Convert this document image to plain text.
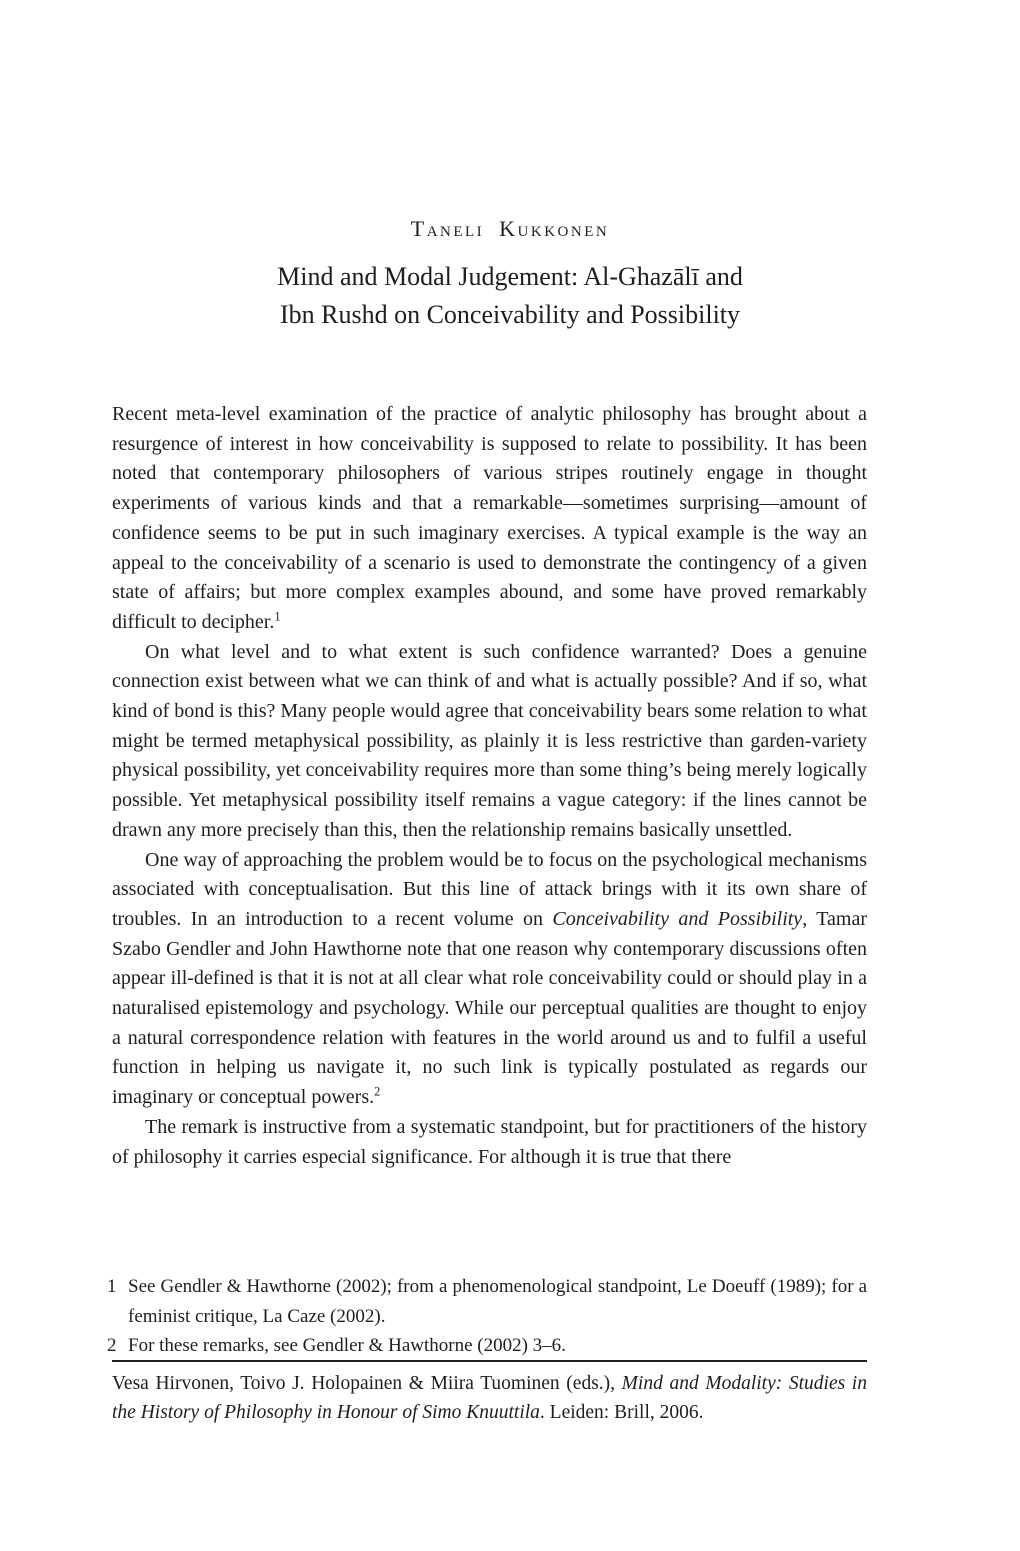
Taneli Kukkonen
Mind and Modal Judgement: Al-Ghazālī and
Ibn Rushd on Conceivability and Possibility

Recent meta-level examination of the practice of analytic philosophy has brought about a resurgence of interest in how conceivability is supposed to relate to possibility. It has been noted that contemporary philosophers of various stripes routinely engage in thought experiments of various kinds and that a remarkable—sometimes surprising—amount of confidence seems to be put in such imaginary exercises. A typical example is the way an appeal to the conceivability of a scenario is used to demonstrate the contingency of a given state of affairs; but more complex examples abound, and some have proved remarkably difficult to decipher.$^1$

On what level and to what extent is such confidence warranted? Does a genuine connection exist between what we can think of and what is actually possible? And if so, what kind of bond is this? Many people would agree that conceivability bears some relation to what might be termed metaphysical possibility, as plainly it is less restrictive than garden-variety physical possibility, yet conceivability requires more than some thing’s being merely logically possible. Yet metaphysical possibility itself remains a vague category: if the lines cannot be drawn any more precisely than this, then the relationship remains basically unsettled.

One way of approaching the problem would be to focus on the psychological mechanisms associated with conceptualisation. But this line of attack brings with it its own share of troubles. In an introduction to a recent volume on Conceivability and Possibility, Tamar Szabo Gendler and John Hawthorne note that one reason why contemporary discussions often appear ill-defined is that it is not at all clear what role conceivability could or should play in a naturalised epistemology and psychology. While our perceptual qualities are thought to enjoy a natural correspondence relation with features in the world around us and to fulfil a useful function in helping us navigate it, no such link is typically postulated as regards our imaginary or conceptual powers.$^2$

The remark is instructive from a systematic standpoint, but for practitioners of the history of philosophy it carries especial significance. For although it is true that there

1 See Gendler & Hawthorne (2002); from a phenomenological standpoint, Le Doeuff (1989); for a feminist critique, La Caze (2002).
2 For these remarks, see Gendler & Hawthorne (2002) 3–6.
Vesa Hirvonen, Toivo J. Holopainen & Miira Tuominen (eds.), Mind and Modality: Studies in the History of Philosophy in Honour of Simo Knuuttila. Leiden: Brill, 2006.
